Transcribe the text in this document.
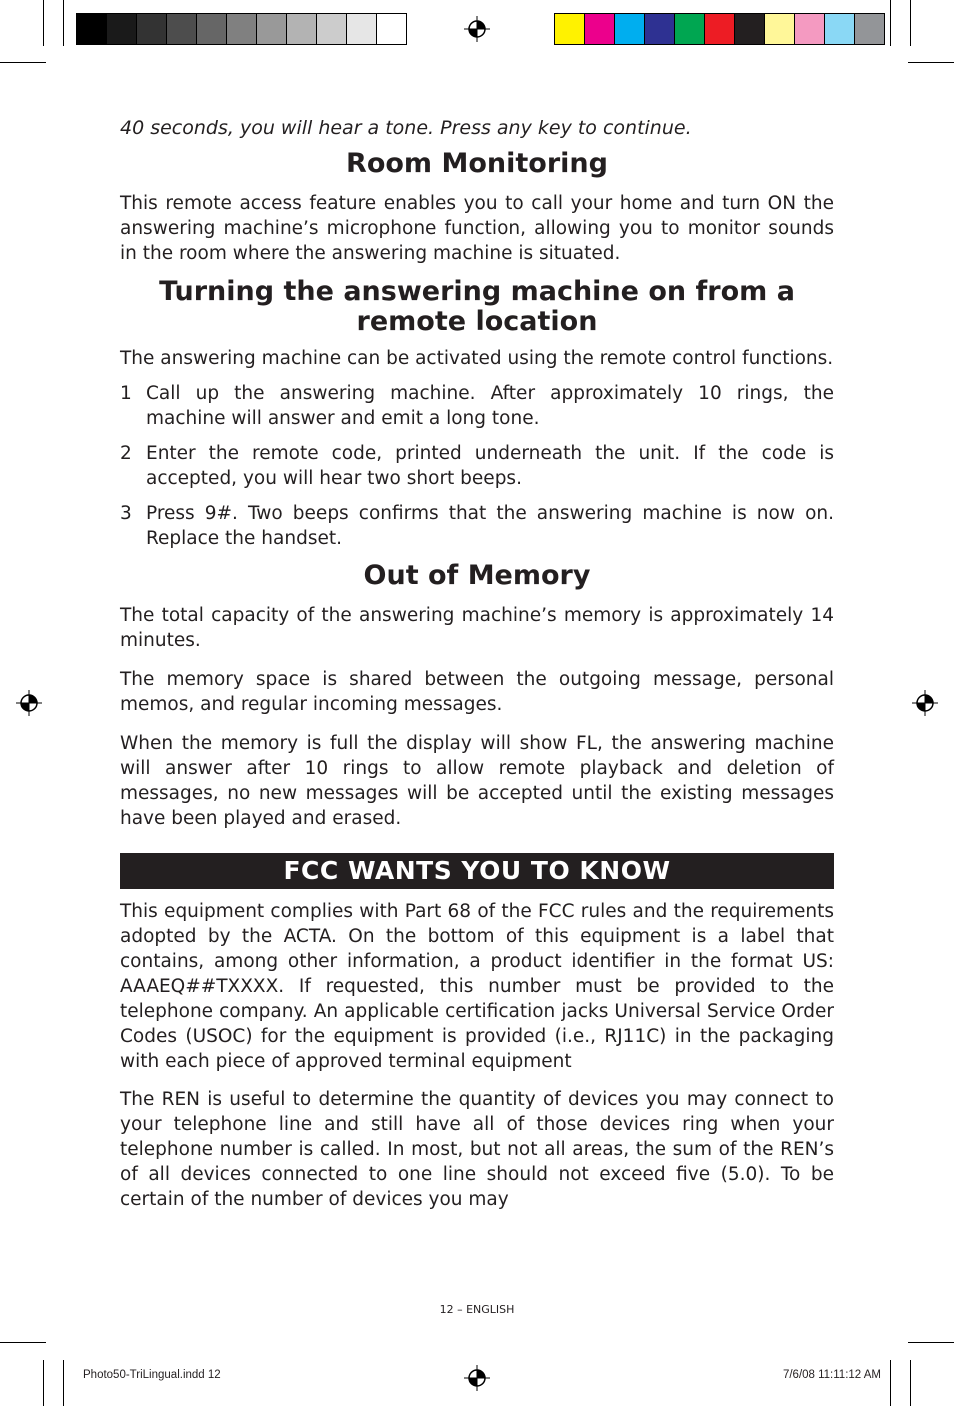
40 seconds, you will hear a tone. Press any key to continue.

Room Monitoring

This remote access feature enables you to call your home and turn ON the answering machine’s microphone function, allowing you to monitor sounds in the room where the answering machine is situated.

Turning the answering machine on from a
remote location

The answering machine can be activated using the remote control functions.

1 Call up the answering machine. After approximately 10 rings, the machine will answer and emit a long tone.
2 Enter the remote code, printed underneath the unit. If the code is accepted, you will hear two short beeps.
3 Press 9#. Two beeps confirms that the answering machine is now on. Replace the handset.
Out of Memory

The total capacity of the answering machine’s memory is approximately 14 minutes.

The memory space is shared between the outgoing message, personal memos, and regular incoming messages.

When the memory is full the display will show FL, the answering machine will answer after 10 rings to allow remote playback and deletion of messages, no new messages will be accepted until the existing messages have been played and erased.

FCC WANTS YOU TO KNOW

This equipment complies with Part 68 of the FCC rules and the requirements adopted by the ACTA. On the bottom of this equipment is a label that contains, among other information, a product identifier in the format US: AAAEQ##TXXXX. If requested, this number must be provided to the telephone company. An applicable certification jacks Universal Service Order Codes (USOC) for the equipment is provided (i.e., RJ11C) in the packaging with each piece of approved terminal equipment

The REN is useful to determine the quantity of devices you may connect to your telephone line and still have all of those devices ring when your telephone number is called. In most, but not all areas, the sum of the REN’s of all devices connected to one line should not exceed five (5.0). To be certain of the number of devices you may

12 – ENGLISH
Photo50-TriLingual.indd 12	7/6/08 11:11:12 AM
